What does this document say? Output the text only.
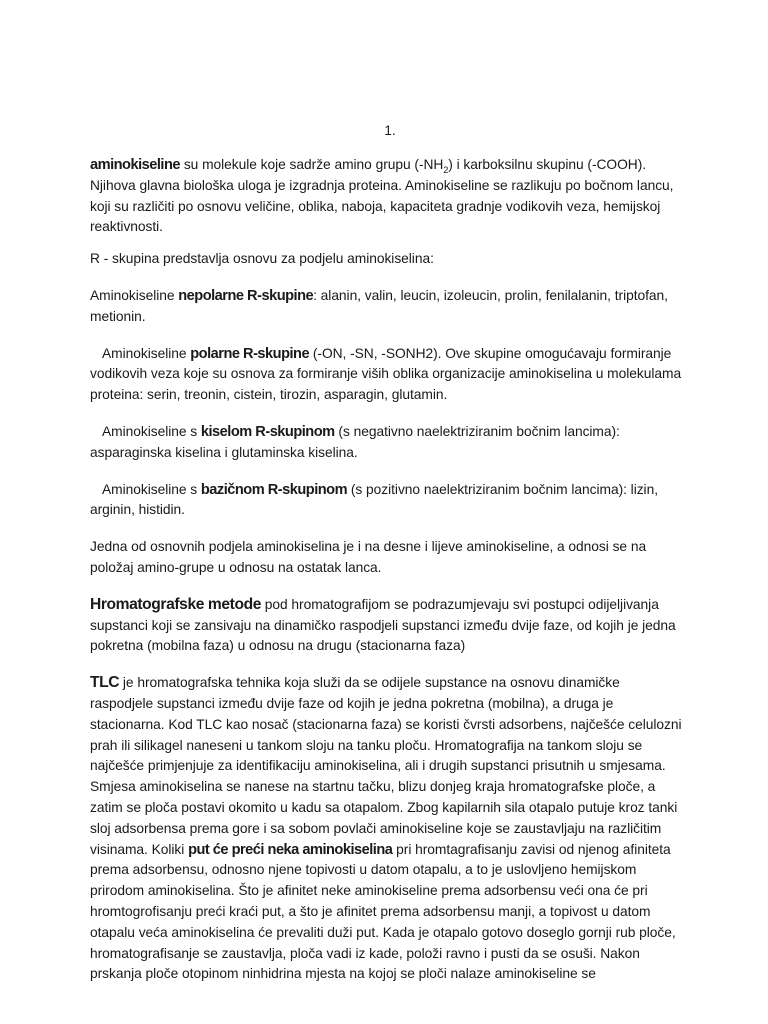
1.

aminokiseline su molekule koje sadrže amino grupu $(-NH_2)$ i karboksilnu skupinu (-COOH). Njihova glavna biološka uloga je izgradnja proteina. Aminokiseline se razlikuju po bočnom lancu, koji su različiti po osnovu veličine, oblika, naboja, kapaciteta gradnje vodikovih veza, hemijskoj reaktivnosti.

R - skupina predstavlja osnovu za podjelu aminokiselina:

Aminokiseline nepolarne R-skupine: alanin, valin, leucin, izoleucin, prolin, fenilalanin, triptofan, metionin.

Aminokiseline polarne R-skupine (-ON, -SN, -SONH2). Ove skupine omogućavaju formiranje vodikovih veza koje su osnova za formiranje viših oblika organizacije aminokiselina u molekulama proteina: serin, treonin, cistein, tirozin, asparagin, glutamin.

Aminokiseline s kiselom R-skupinom (s negativno naelektriziranim bočnim lancima): asparaginska kiselina i glutaminska kiselina.

Aminokiseline s bazičnom R-skupinom (s pozitivno naelektriziranim bočnim lancima): lizin, arginin, histidin.

Jedna od osnovnih podjela aminokiselina je i na desne i lijeve aminokiseline, a odnosi se na položaj amino-grupe u odnosu na ostatak lanca.

Hromatografske metode pod hromatografijom se podrazumjevaju svi postupci odijeljivanja supstanci koji se zansivaju na dinamičko raspodjeli supstanci između dvije faze, od kojih je jedna pokretna (mobilna faza) u odnosu na drugu (stacionarna faza)

TLC je hromatografska tehnika koja služi da se odijele supstance na osnovu dinamičke raspodjele supstanci između dvije faze od kojih je jedna pokretna (mobilna), a druga je stacionarna. Kod TLC kao nosač (stacionarna faza) se koristi čvrsti adsorbens, najčešće celulozni prah ili silikagel naneseni u tankom sloju na tanku ploču. Hromatografija na tankom sloju se najčešće primjenjuje za identifikaciju aminokiselina, ali i drugih supstanci prisutnih u smjesama. Smjesa aminokiselina se nanese na startnu tačku, blizu donjeg kraja hromatografske ploče, a zatim se ploča postavi okomito u kadu sa otapalom. Zbog kapilarnih sila otapalo putuje kroz tanki sloj adsorbensa prema gore i sa sobom povlači aminokiseline koje se zaustavljaju na različitim visinama. Koliki put će preći neka aminokiselina pri hromtagrafisanju zavisi od njenog afiniteta prema adsorbensu, odnosno njene topivosti u datom otapalu, a to je uslovljeno hemijskom prirodom aminokiselina. Što je afinitet neke aminokiseline prema adsorbensu veći ona će pri hromtogrofisanju preći kraći put, a što je afinitet prema adsorbensu manji, a topivost u datom otapalu veća aminokiselina će prevaliti duži put. Kada je otapalo gotovo doseglo gornji rub ploče, hromatografisanje se zaustavlja, ploča vadi iz kade, položi ravno i pusti da se osuši. Nakon prskanja ploče otopinom ninhidrina mjesta na kojoj se ploči nalaze aminokiseline se
